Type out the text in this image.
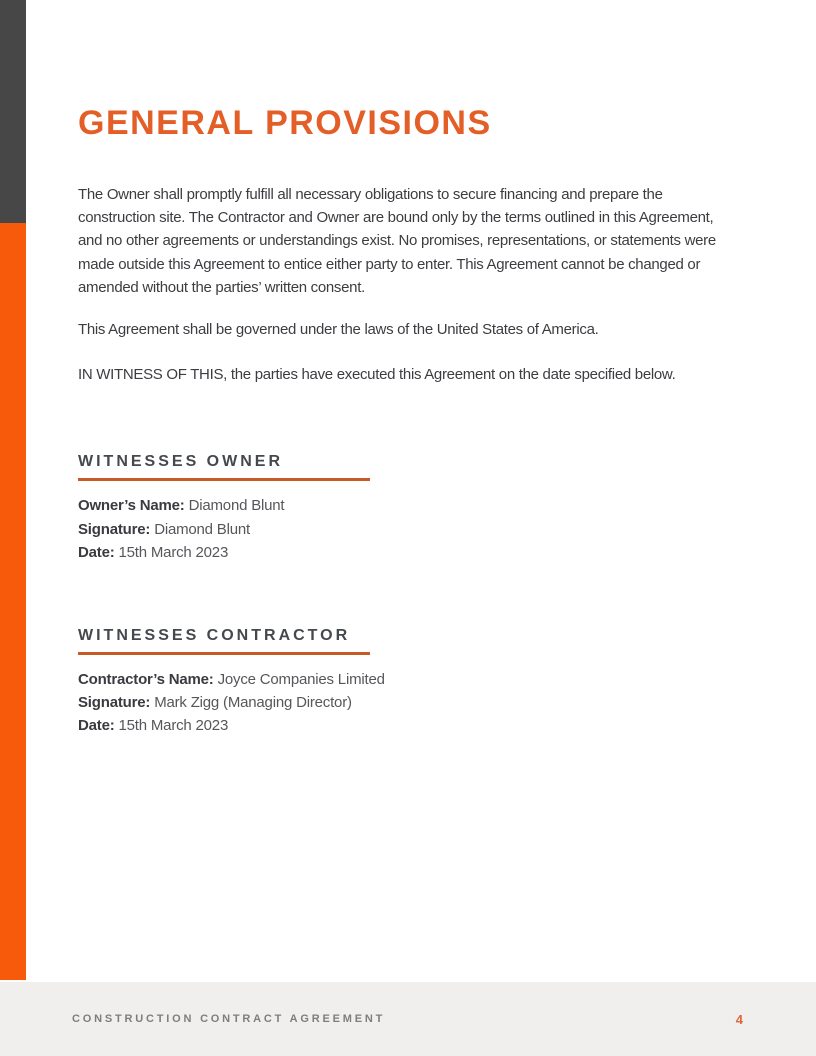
GENERAL PROVISIONS

The Owner shall promptly fulfill all necessary obligations to secure financing and prepare the construction site. The Contractor and Owner are bound only by the terms outlined in this Agreement, and no other agreements or understandings exist. No promises, representations, or statements were made outside this Agreement to entice either party to enter. This Agreement cannot be changed or amended without the parties’ written consent.

This Agreement shall be governed under the laws of the United States of America.

IN WITNESS OF THIS, the parties have executed this Agreement on the date specified below.

WITNESSES OWNER
Owner’s Name: Diamond Blunt
Signature: Diamond Blunt
Date: 15th March 2023
WITNESSES CONTRACTOR
Contractor’s Name: Joyce Companies Limited
Signature: Mark Zigg (Managing Director)
Date: 15th March 2023
CONSTRUCTION CONTRACT AGREEMENT	4
